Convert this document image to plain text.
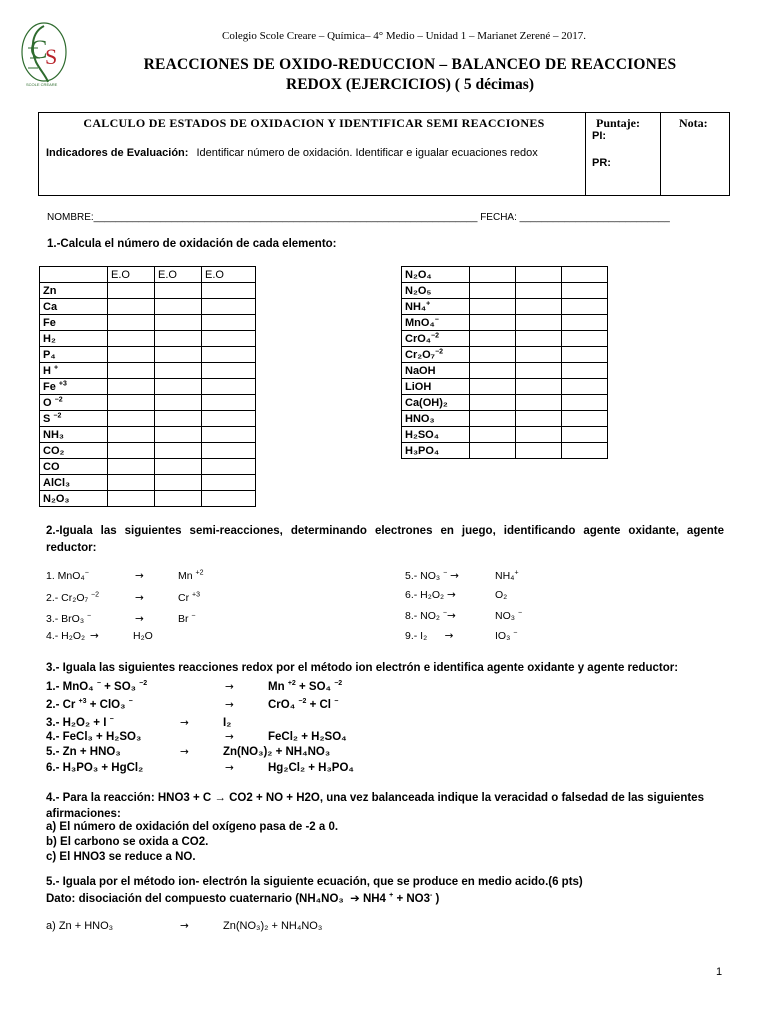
C
S
SCOLE CREARE
Colegio Scole Creare – Química– 4° Medio – Unidad 1 – Marianet Zerené – 2017.
REACCIONES DE OXIDO-REDUCCION – BALANCEO DE REACCIONES
REDOX (EJERCICIOS) ( 5 décimas)
CALCULO DE ESTADOS DE OXIDACION Y IDENTIFICAR SEMI REACCIONES
Indicadores de Evaluación: Identificar número de oxidación. Identificar e igualar ecuaciones redox
Puntaje:
PI:
PR:
Nota:
NOMBRE:_____________________________________________________________________ FECHA: ___________________________
1.-Calcula el número de oxidación de cada elemento:
	E.O	E.O	E.O
Zn			
Ca			
Fe			
H₂			
P₄			
H +			
Fe $^{+3}$			
O $^{-2}$			
S $^{-2}$			
NH₃			
CO₂			
CO			
AlCl₃			
N₂O₃			
N₂O₄			
N₂O₅			
NH₄+			
MnO₄−			
CrO₄$^{-2}$			
Cr₂O₇$^{-2}$			
NaOH			
LiOH			
Ca(OH)₂			
HNO₃			
H₂SO₄			
H₃PO₄			
2.-Iguala las siguientes semi-reacciones, determinando electrones en juego, identificando agente oxidante, agente reductor:
1. MnO₄−	→	Mn $^{+2}$
2.- Cr₂O₇ $^{-2}$	→	Cr $^{+3}$
3.- BrO₃ −	→	Br −
4.- H₂O₂ →	H₂O
5.- NO₃ − →	NH₄+
6.- H₂O₂ →	O₂
8.- NO₂ −→	NO₃ −
9.- I₂      →	IO₃ −
3.- Iguala las siguientes reacciones redox por el método ion electrón e identifica agente oxidante y agente reductor:
1.- MnO₄ − + SO₃ $^{-2}$	→	Mn $^{+2}$ + SO₄ $^{-2}$
2.- Cr $^{+3}$ + ClO₃ −	→	CrO₄ $^{-2}$ + Cl −
3.- H₂O₂ + I −	→	I₂
4.- FeCl₃ + H₂SO₃	→	FeCl₂ + H₂SO₄
5.- Zn + HNO₃	→	Zn(NO₃)₂ + NH₄NO₃
6.- H₃PO₃ + HgCl₂	→	Hg₂Cl₂ + H₃PO₄
4.- Para la reacción: HNO3 + C → CO2 + NO + H2O, una vez balanceada indique la veracidad o falsedad de las siguientes afirmaciones:
a) El número de oxidación del oxígeno pasa de -2 a 0.
b) El carbono se oxida a CO2.
c) El HNO3 se reduce a NO.
5.- Iguala por el método ion- electrón la siguiente ecuación, que se produce en medio acido.(6 pts)
Dato: disociación del compuesto cuaternario (NH₄NO₃  ➔ NH4 + + NO3- )
a) Zn + HNO₃	→	Zn(NO₃)₂ + NH₄NO₃
1
